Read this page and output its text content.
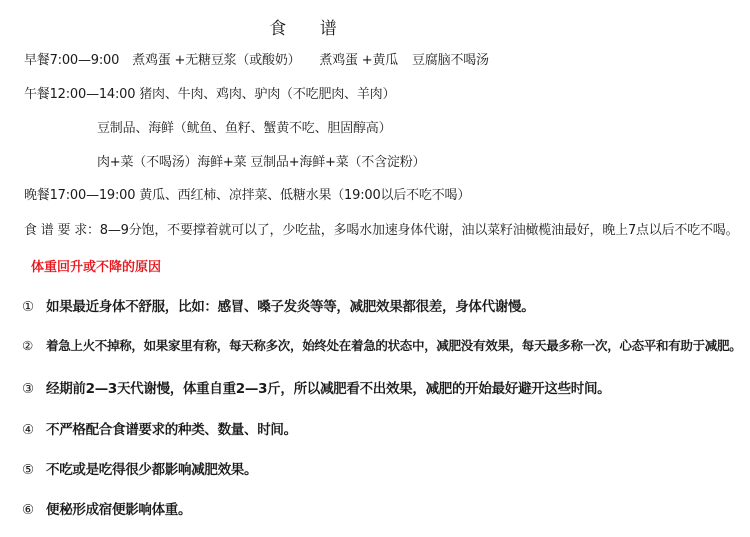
食 谱
早餐7:00—9:00 煮鸡蛋 +无糖豆浆（或酸奶） 煮鸡蛋 +黄瓜 豆腐脑不喝汤
午餐12:00—14:00 猪肉、牛肉、鸡肉、驴肉（不吃肥肉、羊肉）
豆制品、海鲜（鱿鱼、鱼籽、蟹黄不吃、胆固醇高）
肉+菜（不喝汤）海鲜+菜 豆制品+海鲜+菜（不含淀粉）
晚餐17:00—19:00 黄瓜、西红柿、凉拌菜、低糖水果（19:00以后不吃不喝）
食 谱 要 求：8—9分饱，不要撑着就可以了，少吃盐，多喝水加速身体代谢，油以菜籽油橄榄油最好，晚上7点以后不吃不喝。
体重回升或不降的原因
① 如果最近身体不舒服，比如：感冒、嗓子发炎等等，减肥效果都很差，身体代谢慢。
② 着急上火不掉称，如果家里有称，每天称多次，始终处在着急的状态中，减肥没有效果，每天最多称一次，心态平和有助于减肥。
③ 经期前2—3天代谢慢，体重自重2—3斤，所以减肥看不出效果，减肥的开始最好避开这些时间。
④ 不严格配合食谱要求的种类、数量、时间。
⑤ 不吃或是吃得很少都影响减肥效果。
⑥ 便秘形成宿便影响体重。
